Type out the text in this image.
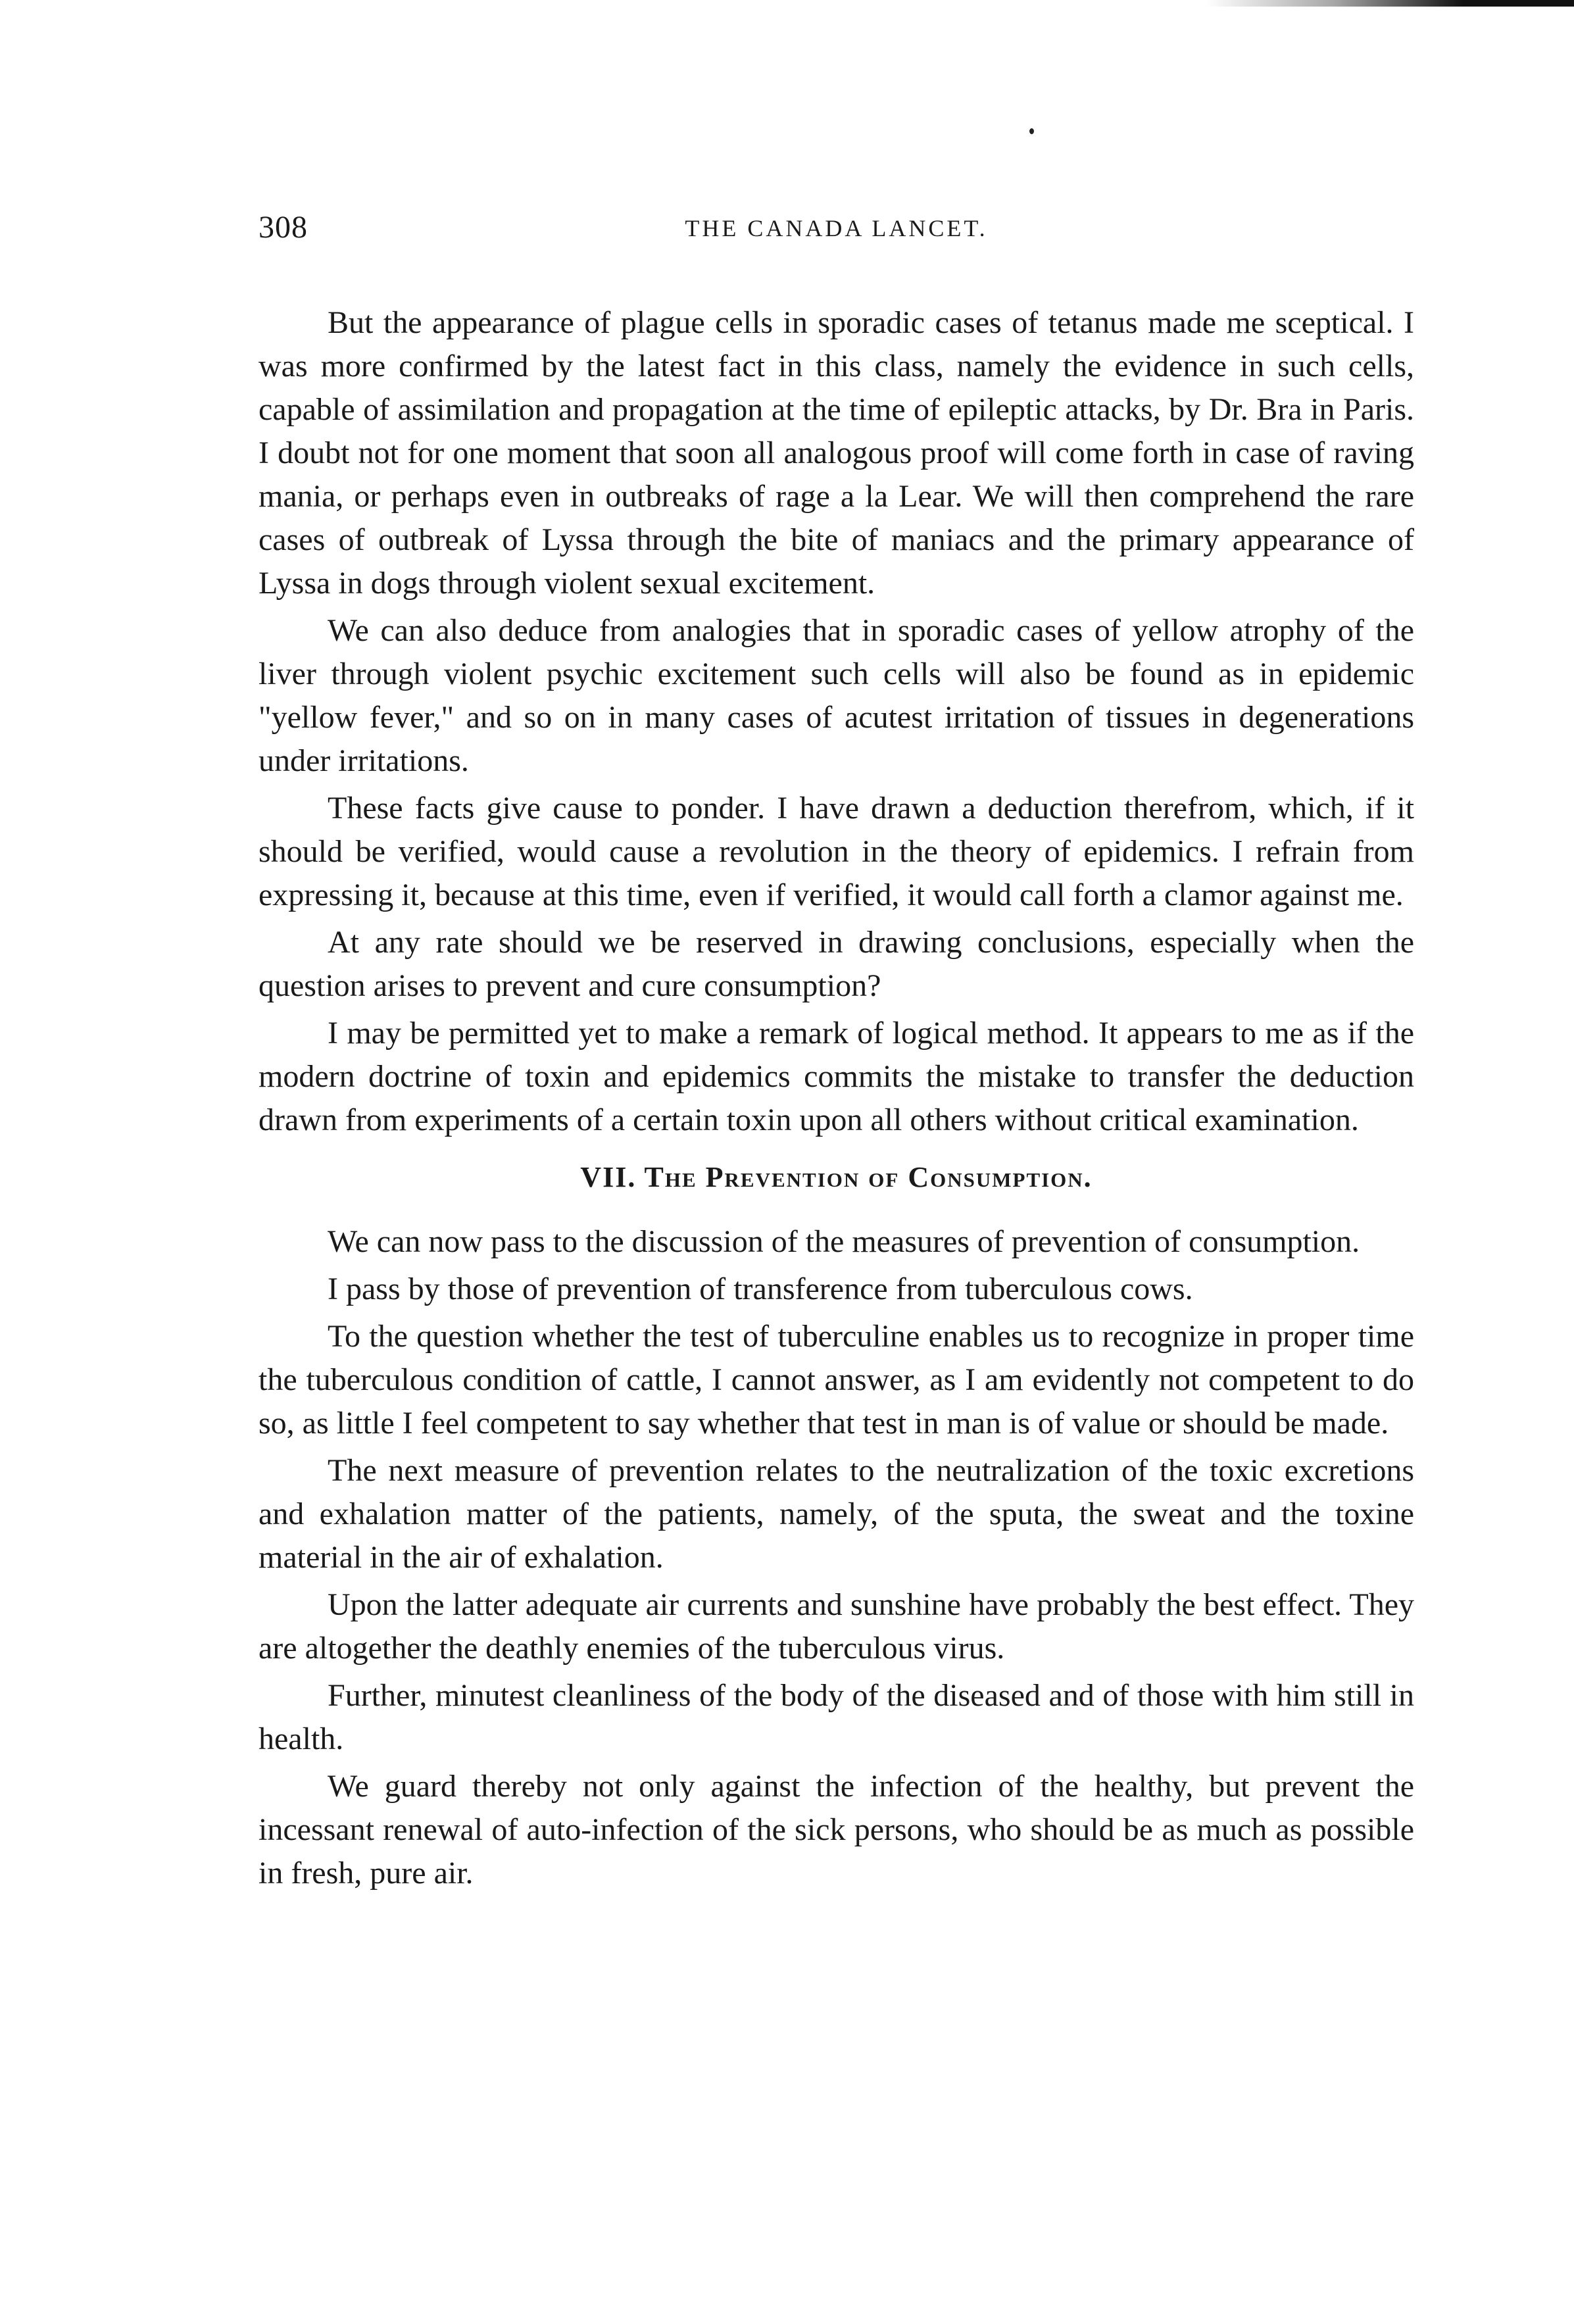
308	THE CANADA LANCET.

But the appearance of plague cells in sporadic cases of tetanus made me sceptical. I was more confirmed by the latest fact in this class, namely the evidence in such cells, capable of assimilation and propagation at the time of epileptic attacks, by Dr. Bra in Paris. I doubt not for one moment that soon all analogous proof will come forth in case of raving mania, or perhaps even in outbreaks of rage a la Lear. We will then comprehend the rare cases of outbreak of Lyssa through the bite of maniacs and the primary appearance of Lyssa in dogs through violent sexual excitement.

We can also deduce from analogies that in sporadic cases of yellow atrophy of the liver through violent psychic excitement such cells will also be found as in epidemic "yellow fever," and so on in many cases of acutest irritation of tissues in degenerations under irritations.

These facts give cause to ponder. I have drawn a deduction therefrom, which, if it should be verified, would cause a revolution in the theory of epidemics. I refrain from expressing it, because at this time, even if verified, it would call forth a clamor against me.

At any rate should we be reserved in drawing conclusions, especially when the question arises to prevent and cure consumption?

I may be permitted yet to make a remark of logical method. It appears to me as if the modern doctrine of toxin and epidemics commits the mistake to transfer the deduction drawn from experiments of a certain toxin upon all others without critical examination.

VII. The Prevention of Consumption.

We can now pass to the discussion of the measures of prevention of consumption.

I pass by those of prevention of transference from tuberculous cows.

To the question whether the test of tuberculine enables us to recognize in proper time the tuberculous condition of cattle, I cannot answer, as I am evidently not competent to do so, as little I feel competent to say whether that test in man is of value or should be made.

The next measure of prevention relates to the neutralization of the toxic excretions and exhalation matter of the patients, namely, of the sputa, the sweat and the toxine material in the air of exhalation.

Upon the latter adequate air currents and sunshine have probably the best effect. They are altogether the deathly enemies of the tuberculous virus.

Further, minutest cleanliness of the body of the diseased and of those with him still in health.

We guard thereby not only against the infection of the healthy, but prevent the incessant renewal of auto-infection of the sick persons, who should be as much as possible in fresh, pure air.
